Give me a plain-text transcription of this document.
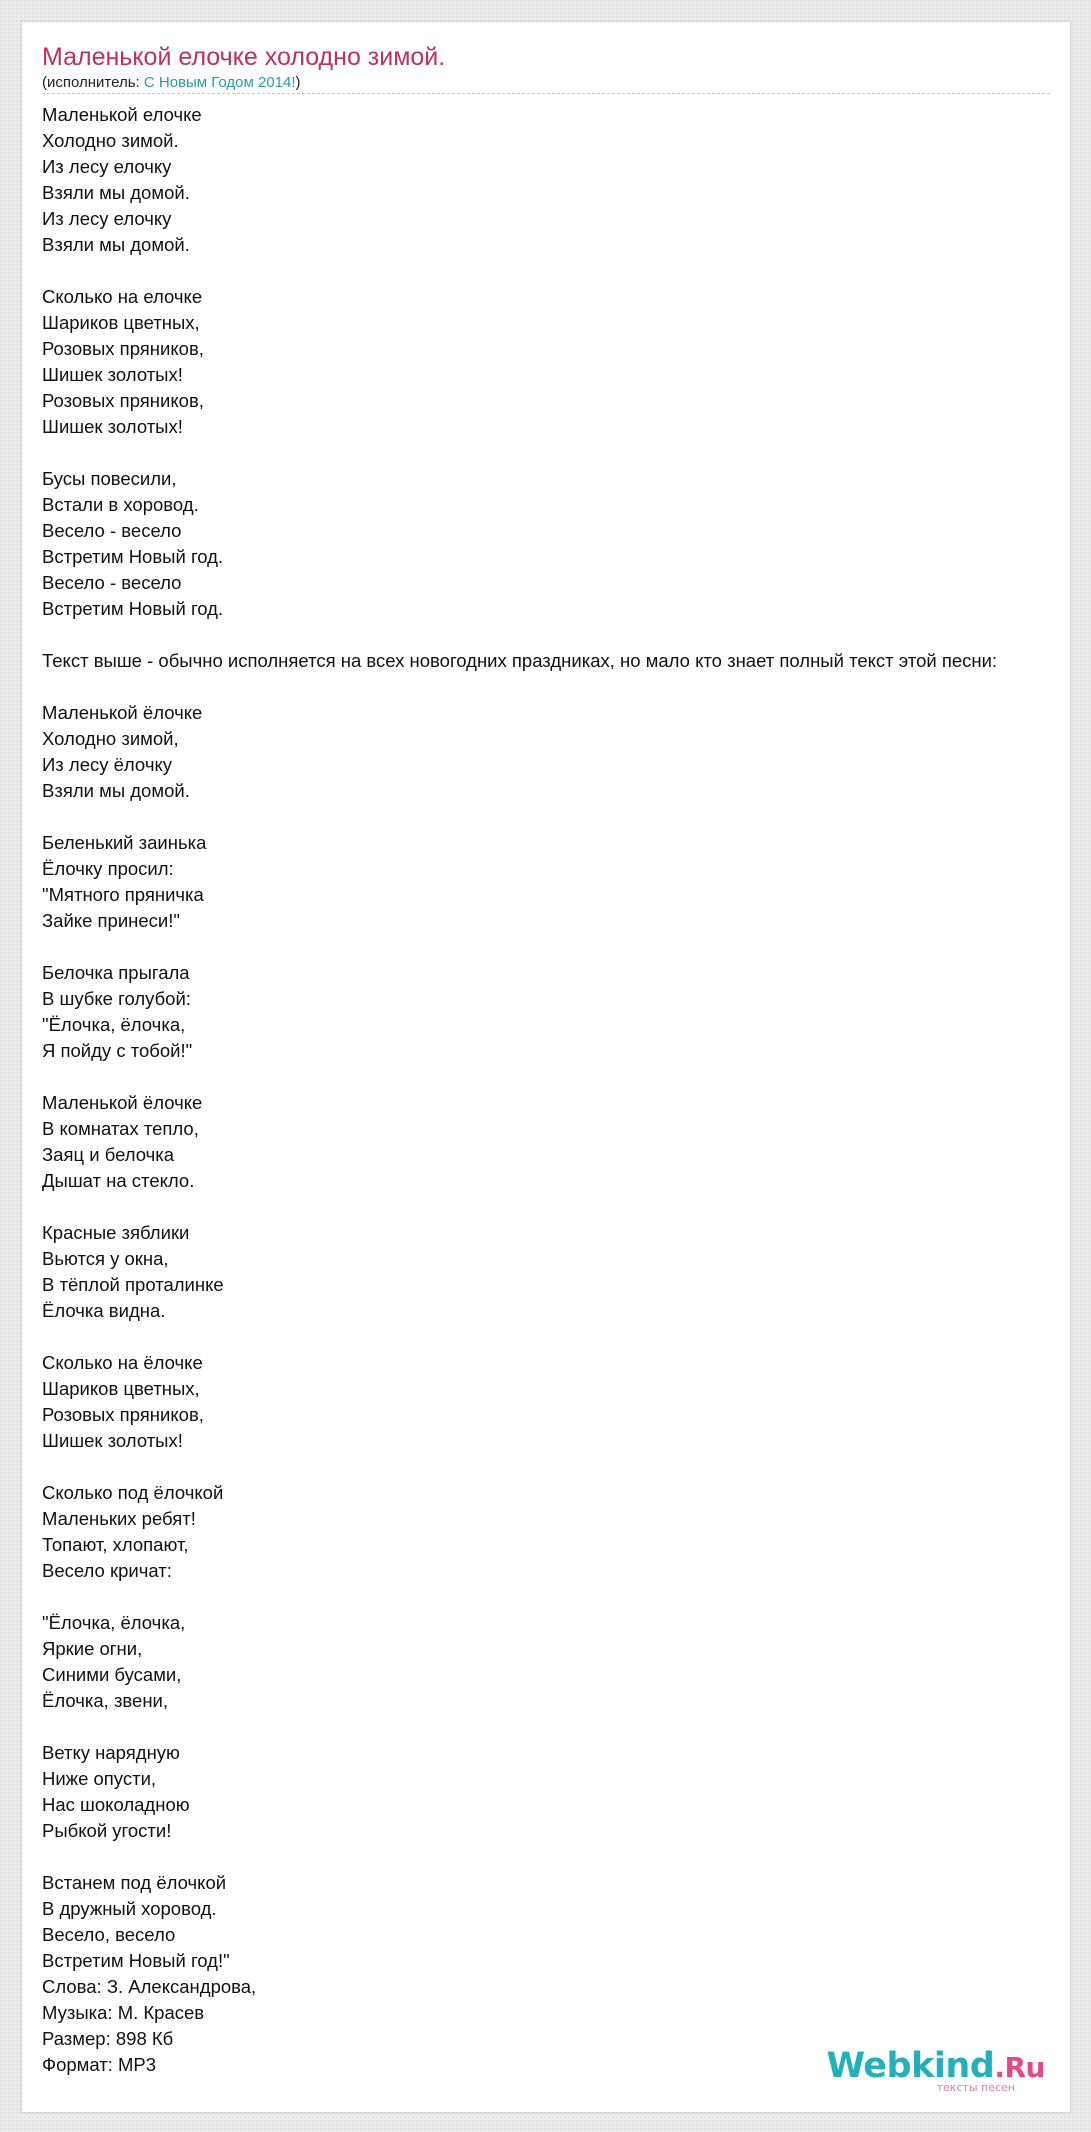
Маленькой елочке холодно зимой.
(исполнитель: С Новым Годом 2014!)
Маленькой елочке
Холодно зимой.
Из лесу елочку
Взяли мы домой.
Из лесу елочку
Взяли мы домой.

Сколько на елочке
Шариков цветных,
Розовых пряников,
Шишек золотых!
Розовых пряников,
Шишек золотых!

Бусы повесили,
Встали в хоровод.
Весело - весело
Встретим Новый год.
Весело - весело
Встретим Новый год.

Текст выше - обычно исполняется на всех новогодних праздниках, но мало кто знает полный текст этой песни:

Маленькой ёлочке
Холодно зимой,
Из лесу ёлочку
Взяли мы домой.

Беленький заинька
Ёлочку просил:
"Мятного пряничка
Зайке принеси!"

Белочка прыгала
В шубке голубой:
"Ёлочка, ёлочка,
Я пойду с тобой!"

Маленькой ёлочке
В комнатах тепло,
Заяц и белочка
Дышат на стекло.

Красные зяблики
Вьются у окна,
В тёплой проталинке
Ёлочка видна.

Сколько на ёлочке
Шариков цветных,
Розовых пряников,
Шишек золотых!

Сколько под ёлочкой
Маленьких ребят!
Топают, хлопают,
Весело кричат:

"Ёлочка, ёлочка,
Яркие огни,
Синими бусами,
Ёлочка, звени,

Ветку нарядную
Ниже опусти,
Нас шоколадною
Рыбкой угости!

Встанем под ёлочкой
В дружный хоровод.
Весело, весело
Встретим Новый год!"
Слова: З. Александрова,
Музыка: М. Красев
Размер: 898 Кб
Формат: MP3	Webkind.Ru
тексты песен
